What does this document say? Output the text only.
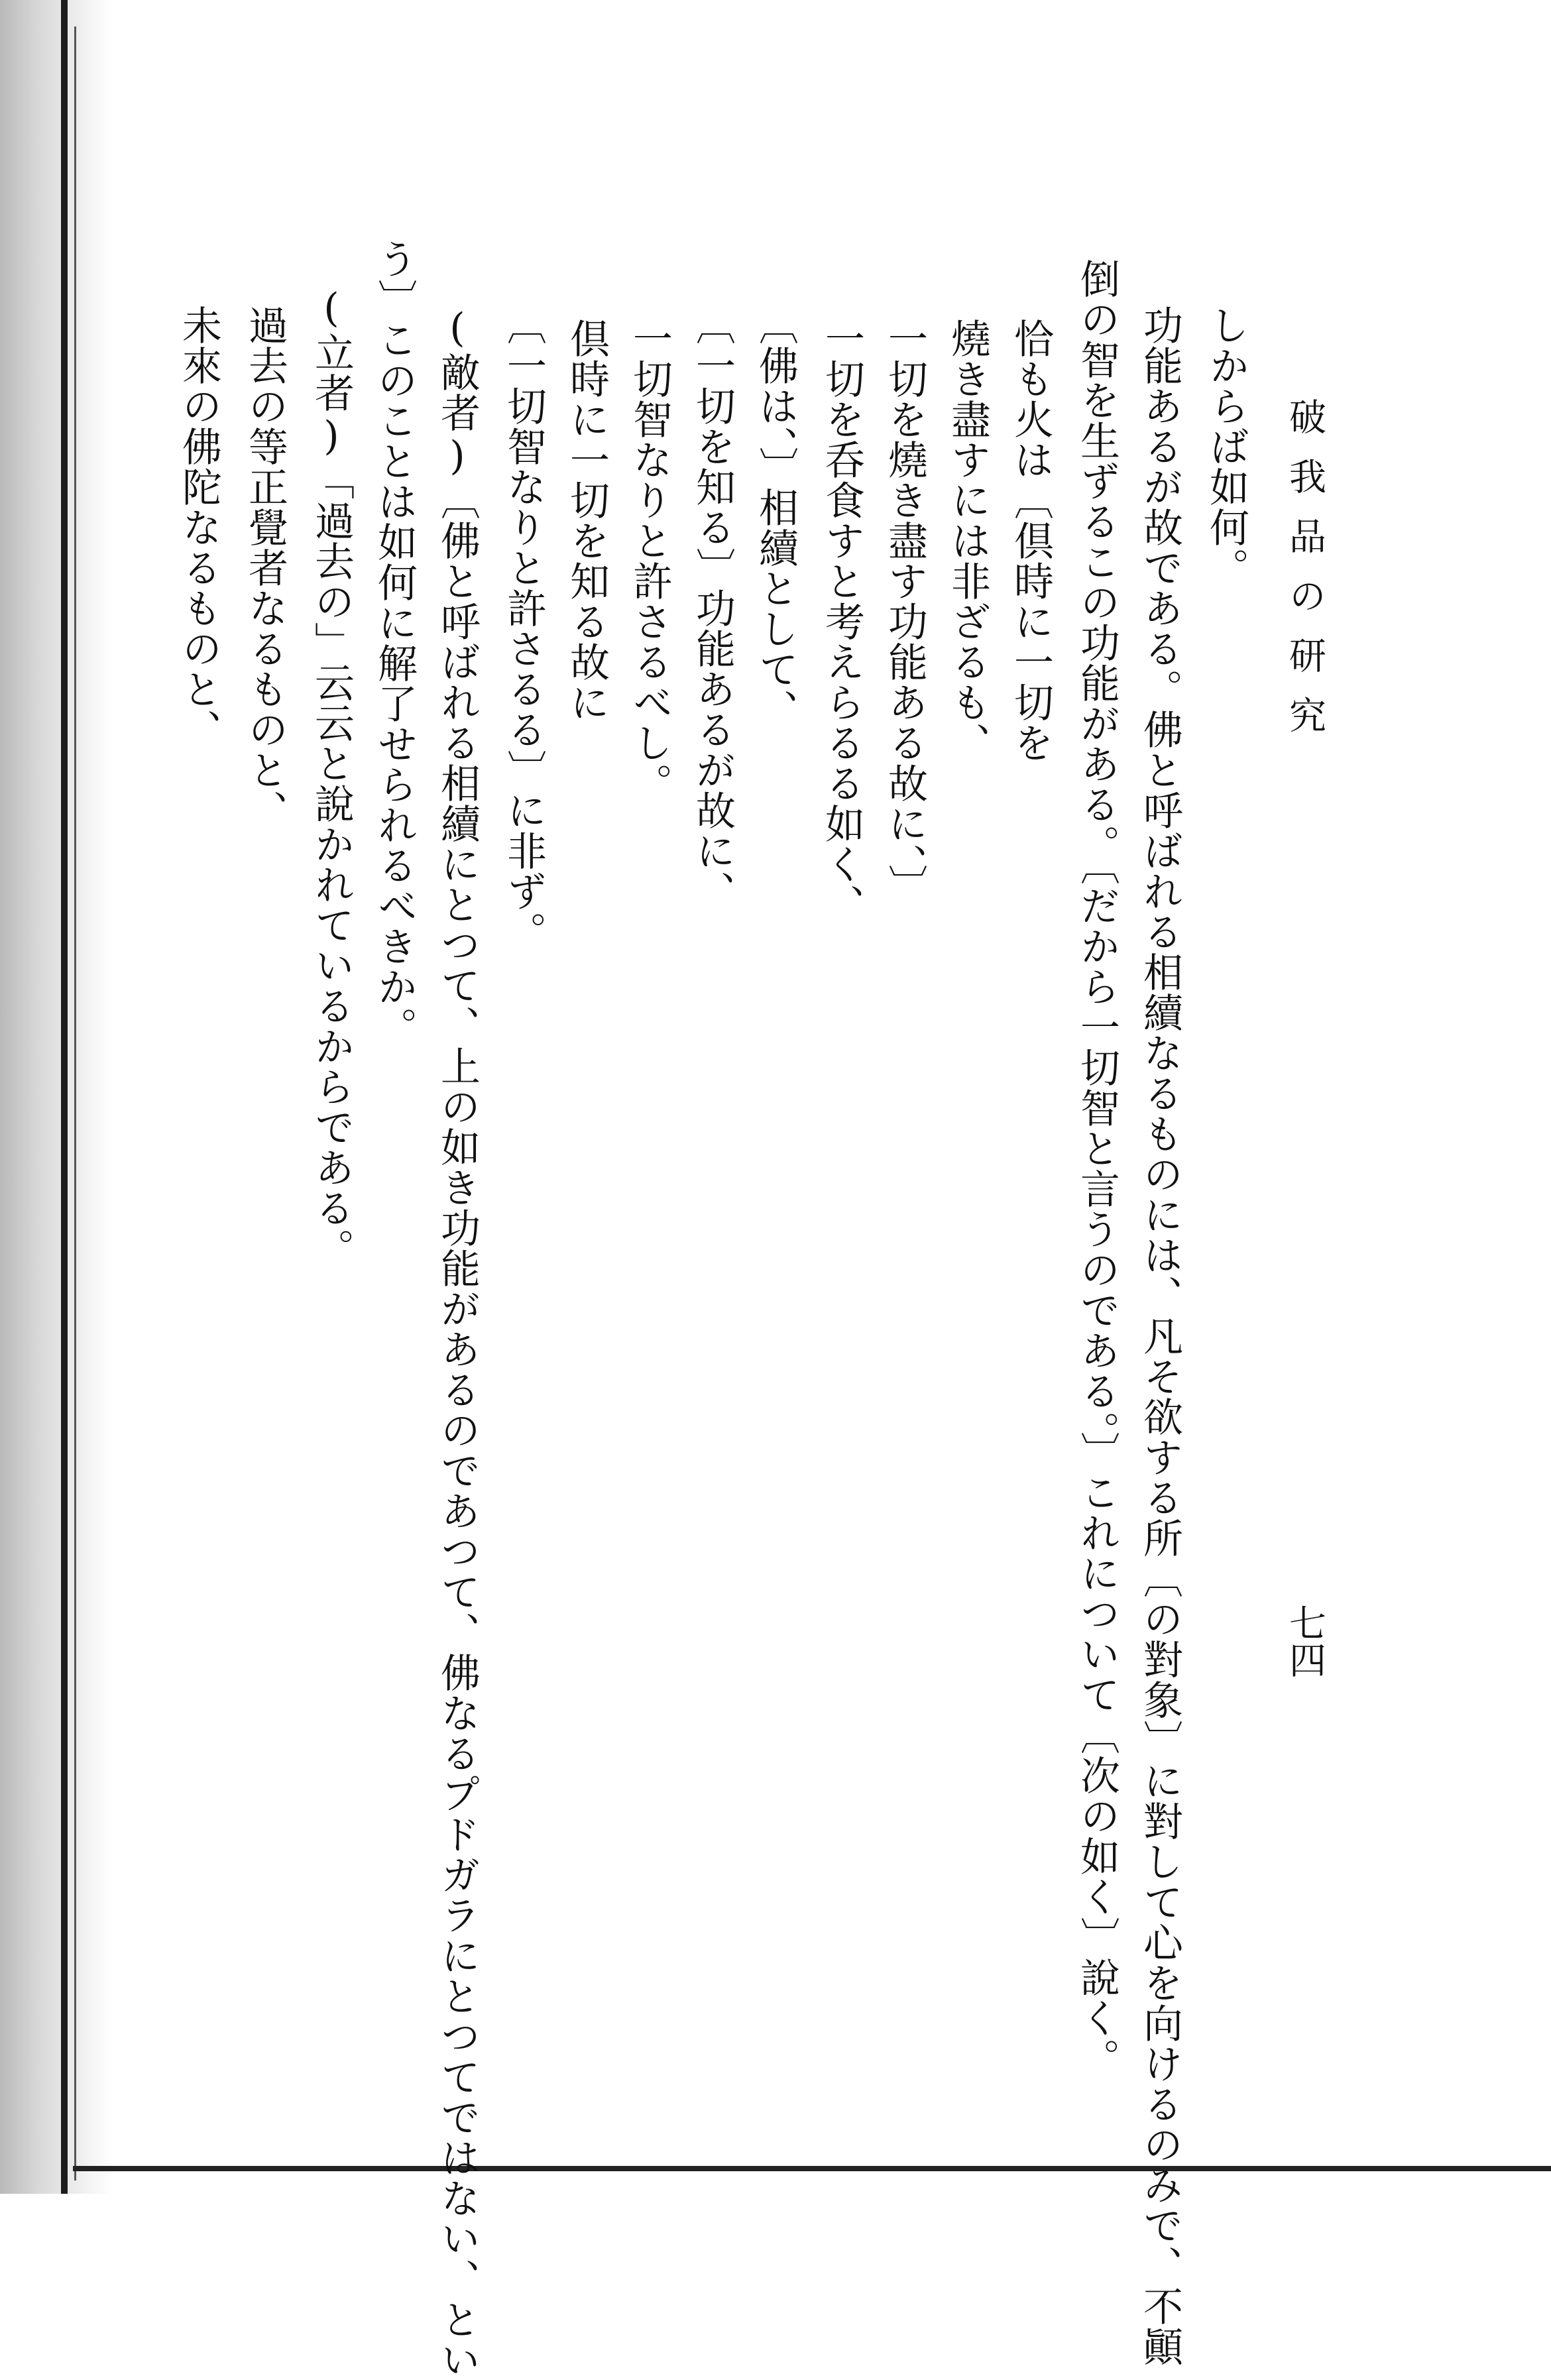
破我品の研究
七四
しからば如何。
功能あるが故である。佛と呼ばれる相續なるものには、凡そ欲する所〔の對象〕に對して心を向けるのみで、不顚
倒の智を生ずるこの功能がある。〔だから一切智と言うのである。〕これについて〔次の如く〕說く。
恰も火は〔倶時に一切を
燒き盡すには非ざるも、
一切を燒き盡す功能ある故に、〕
一切を呑食すと考えらるる如く、
〔佛は、〕相續として、
〔一切を知る〕功能あるが故に、
一切智なりと許さるべし。
倶時に一切を知る故に
〔一切智なりと許さるる〕に非ず。
(敵者)〔佛と呼ばれる相續にとつて、上の如き功能があるのであつて、佛なるプドガラにとつてではない、とい
う〕このことは如何に解了せられるべきか。
(立者)「過去の」云云と說かれているからである。
過去の等正覺者なるものと、
未來の佛陀なるものと、
